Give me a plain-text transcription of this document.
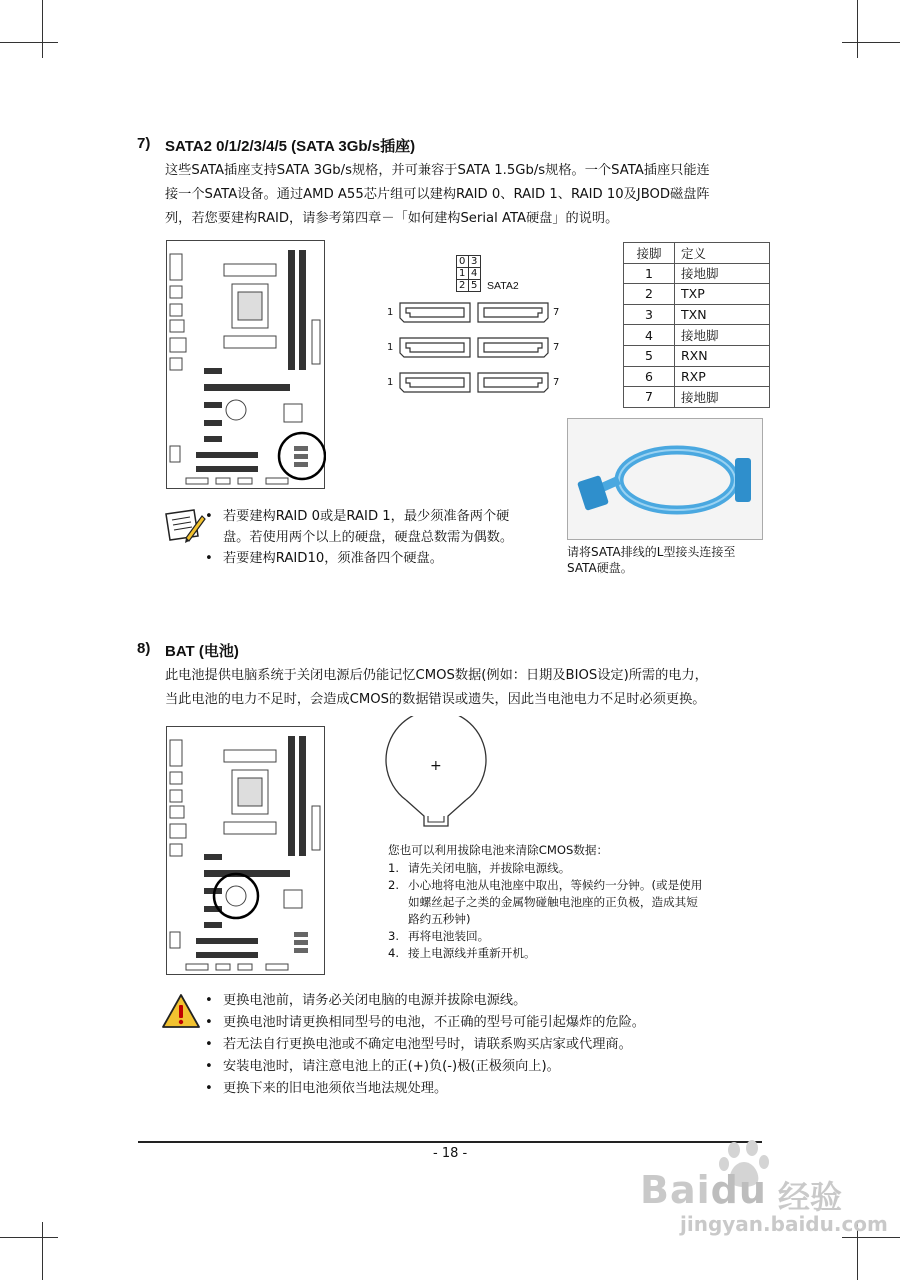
7) SATA2 0/1/2/3/4/5 (SATA 3Gb/s插座)
这些SATA插座支持SATA 3Gb/s规格，并可兼容于SATA 1.5Gb/s规格。一个SATA插座只能连
接一个SATA设备。通过AMD A55芯片组可以建构RAID 0、RAID 1、RAID 10及JBOD磁盘阵
列，若您要建构RAID，请参考第四章－「如何建构Serial ATA硬盘」的说明。
0 3
1 4
2 5 SATA2
1	7
1	7
1	7
接脚	定义
1	接地脚
2	TXP
3	TXN
4	接地脚
5	RXN
6	RXP
7	接地脚
请将SATA排线的L型接头连接至
SATA硬盘。
• 若要建构RAID 0或是RAID 1，最少须准备两个硬
盘。若使用两个以上的硬盘，硬盘总数需为偶数。
• 若要建构RAID10，须准备四个硬盘。
8) BAT (电池)
此电池提供电脑系统于关闭电源后仍能记忆CMOS数据(例如：日期及BIOS设定)所需的电力，
当此电池的电力不足时，会造成CMOS的数据错误或遗失，因此当电池电力不足时必须更换。
+
您也可以利用拔除电池来清除CMOS数据：
1. 请先关闭电脑，并拔除电源线。
2. 小心地将电池从电池座中取出，等候约一分钟。(或是使用
如螺丝起子之类的金属物碰触电池座的正负极，造成其短
路约五秒钟)
3. 再将电池装回。
4. 接上电源线并重新开机。
• 更换电池前，请务必关闭电脑的电源并拔除电源线。
• 更换电池时请更换相同型号的电池，不正确的型号可能引起爆炸的危险。
• 若无法自行更换电池或不确定电池型号时，请联系购买店家或代理商。
• 安装电池时，请注意电池上的正(+)负(-)极(正极须向上)。
• 更换下来的旧电池须依当地法规处理。
- 18 -
Baidu 经验
jingyan.baidu.com
